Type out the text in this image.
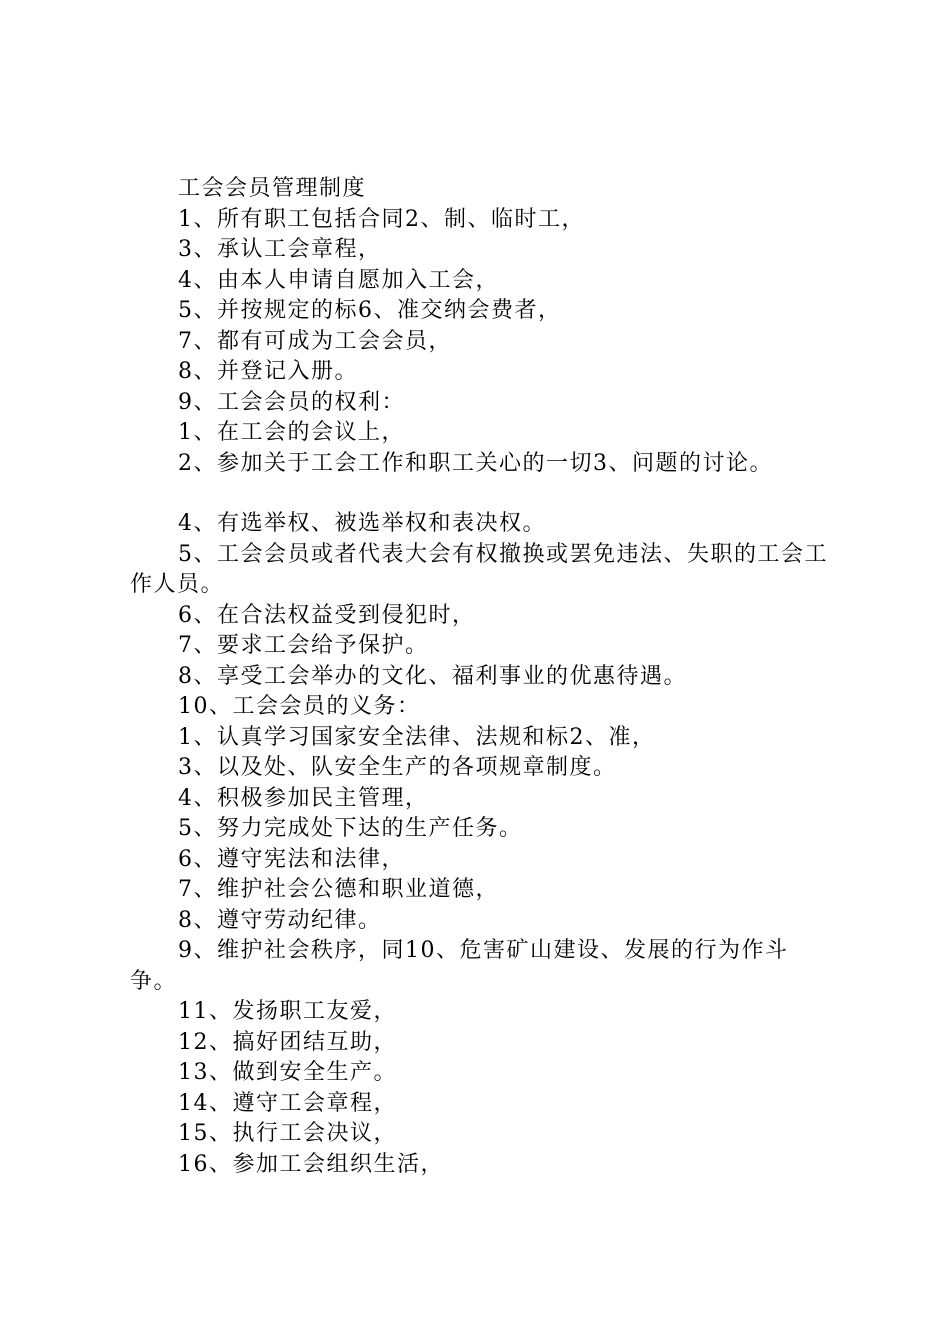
工会会员管理制度

1、所有职工包括合同2、制、临时工，

3、承认工会章程，

4、由本人申请自愿加入工会，

5、并按规定的标6、准交纳会费者，

7、都有可成为工会会员，

8、并登记入册。

9、工会会员的权利：

1、在工会的会议上，

2、参加关于工会工作和职工关心的一切3、问题的讨论。

4、有选举权、被选举权和表决权。

5、工会会员或者代表大会有权撤换或罢免违法、失职的工会工作人员。

6、在合法权益受到侵犯时，

7、要求工会给予保护。

8、享受工会举办的文化、福利事业的优惠待遇。

10、工会会员的义务：

1、认真学习国家安全法律、法规和标2、准，

3、以及处、队安全生产的各项规章制度。

4、积极参加民主管理，

5、努力完成处下达的生产任务。

6、遵守宪法和法律，

7、维护社会公德和职业道德，

8、遵守劳动纪律。

9、维护社会秩序，同10、危害矿山建设、发展的行为作斗争。

11、发扬职工友爱，

12、搞好团结互助，

13、做到安全生产。

14、遵守工会章程，

15、执行工会决议，

16、参加工会组织生活，
